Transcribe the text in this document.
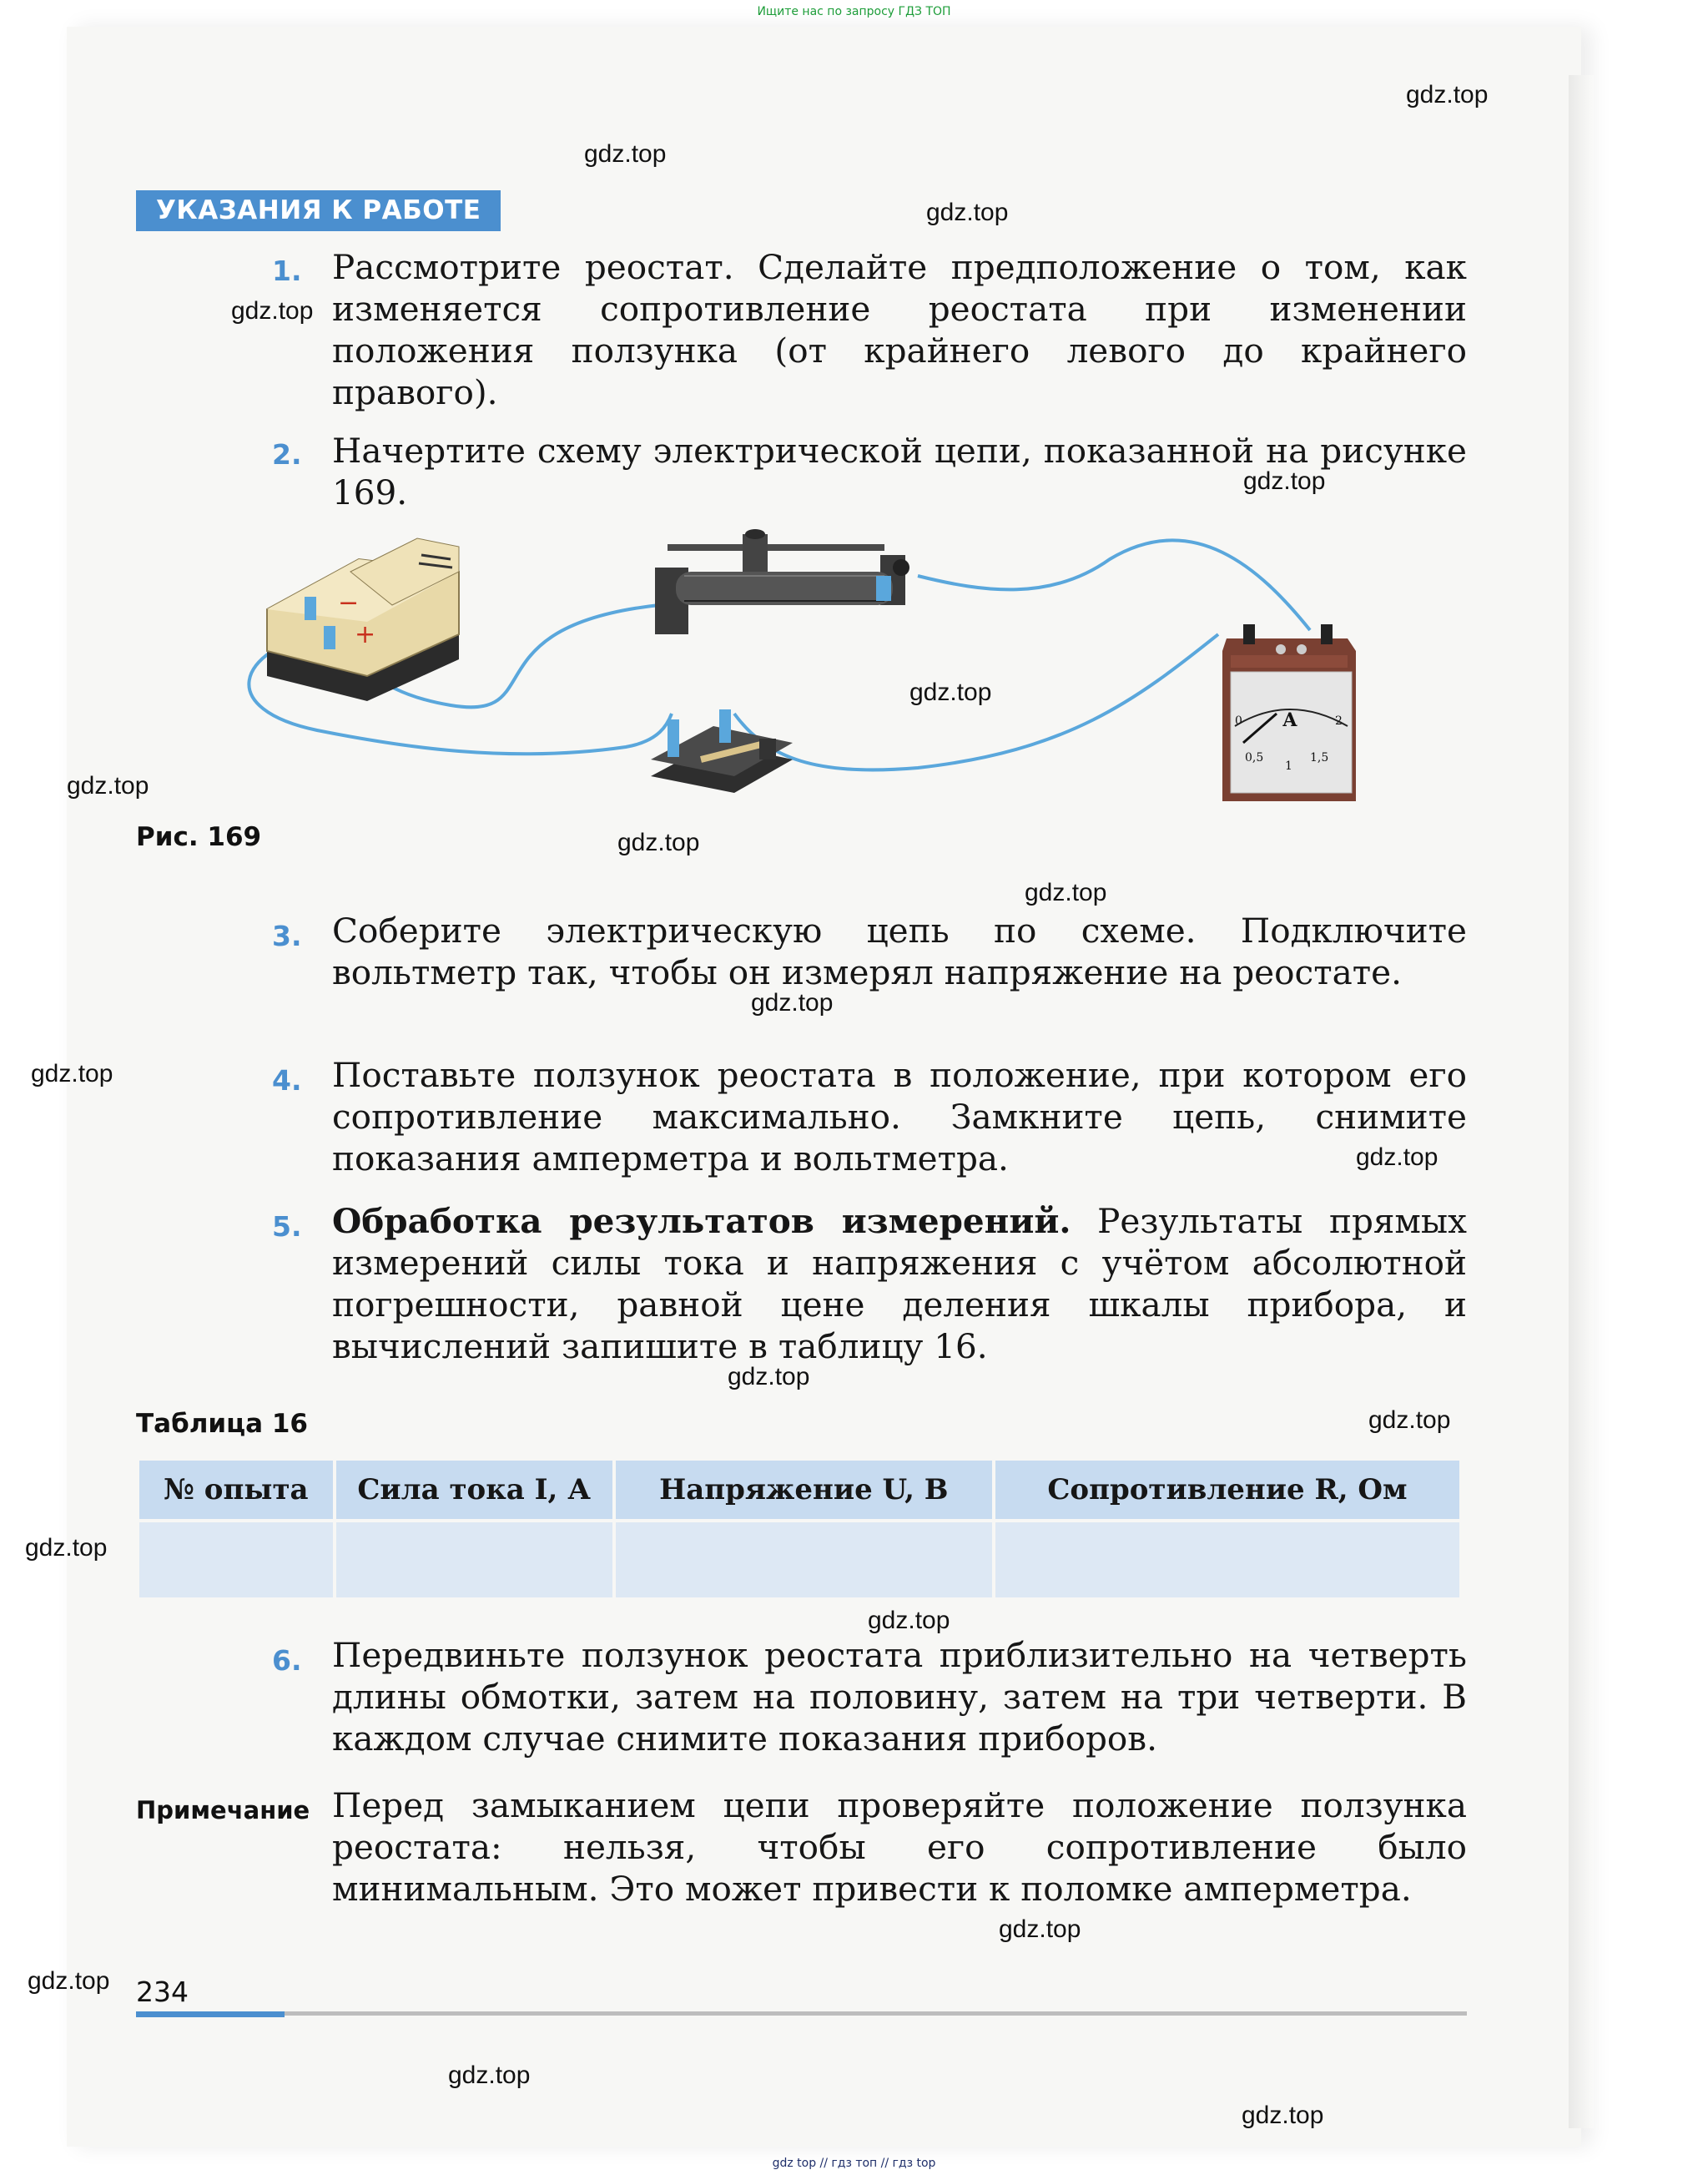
Ищите нас по запросу ГДЗ ТОП
УКАЗАНИЯ К РАБОТЕ
1. Рассмотрите реостат. Сделайте предположение о том, как изменяется сопротивление реостата при изменении положения ползунка (от крайнего левого до крайнего правого).
2. Начертите схему электрической цепи, показанной на рисунке 169.
−
+
А
0
0,5
1
1,5
2
Рис. 169
3. Соберите электрическую цепь по схеме. Подключите вольтметр так, чтобы он измерял напряжение на реостате.
4. Поставьте ползунок реостата в положение, при котором его сопротивление максимально. Замкните цепь, снимите показания амперметра и вольтметра.
5. Обработка результатов измерений. Результаты прямых измерений силы тока и напряжения с учётом абсолютной погрешности, равной цене деления шкалы прибора, и вычислений запишите в таблицу 16.
Таблица 16
№ опыта	Сила тока I, А	Напряжение U, В	Сопротивление R, Ом

6. Передвиньте ползунок реостата приблизительно на четверть длины обмотки, затем на половину, затем на три четверти. В каждом случае снимите показания приборов.
Примечание Перед замыканием цепи проверяйте положение ползунка реостата: нельзя, чтобы его сопротивление было минимальным. Это может привести к поломке амперметра.
234
gdz.top
gdz.top
gdz.top
gdz.top
gdz.top
gdz.top
gdz.top
gdz.top
gdz.top
gdz.top
gdz.top
gdz.top
gdz.top
gdz.top
gdz.top
gdz.top
gdz.top
gdz.top
gdz.top
gdz.top
gdz top // гдз топ // гдз top
